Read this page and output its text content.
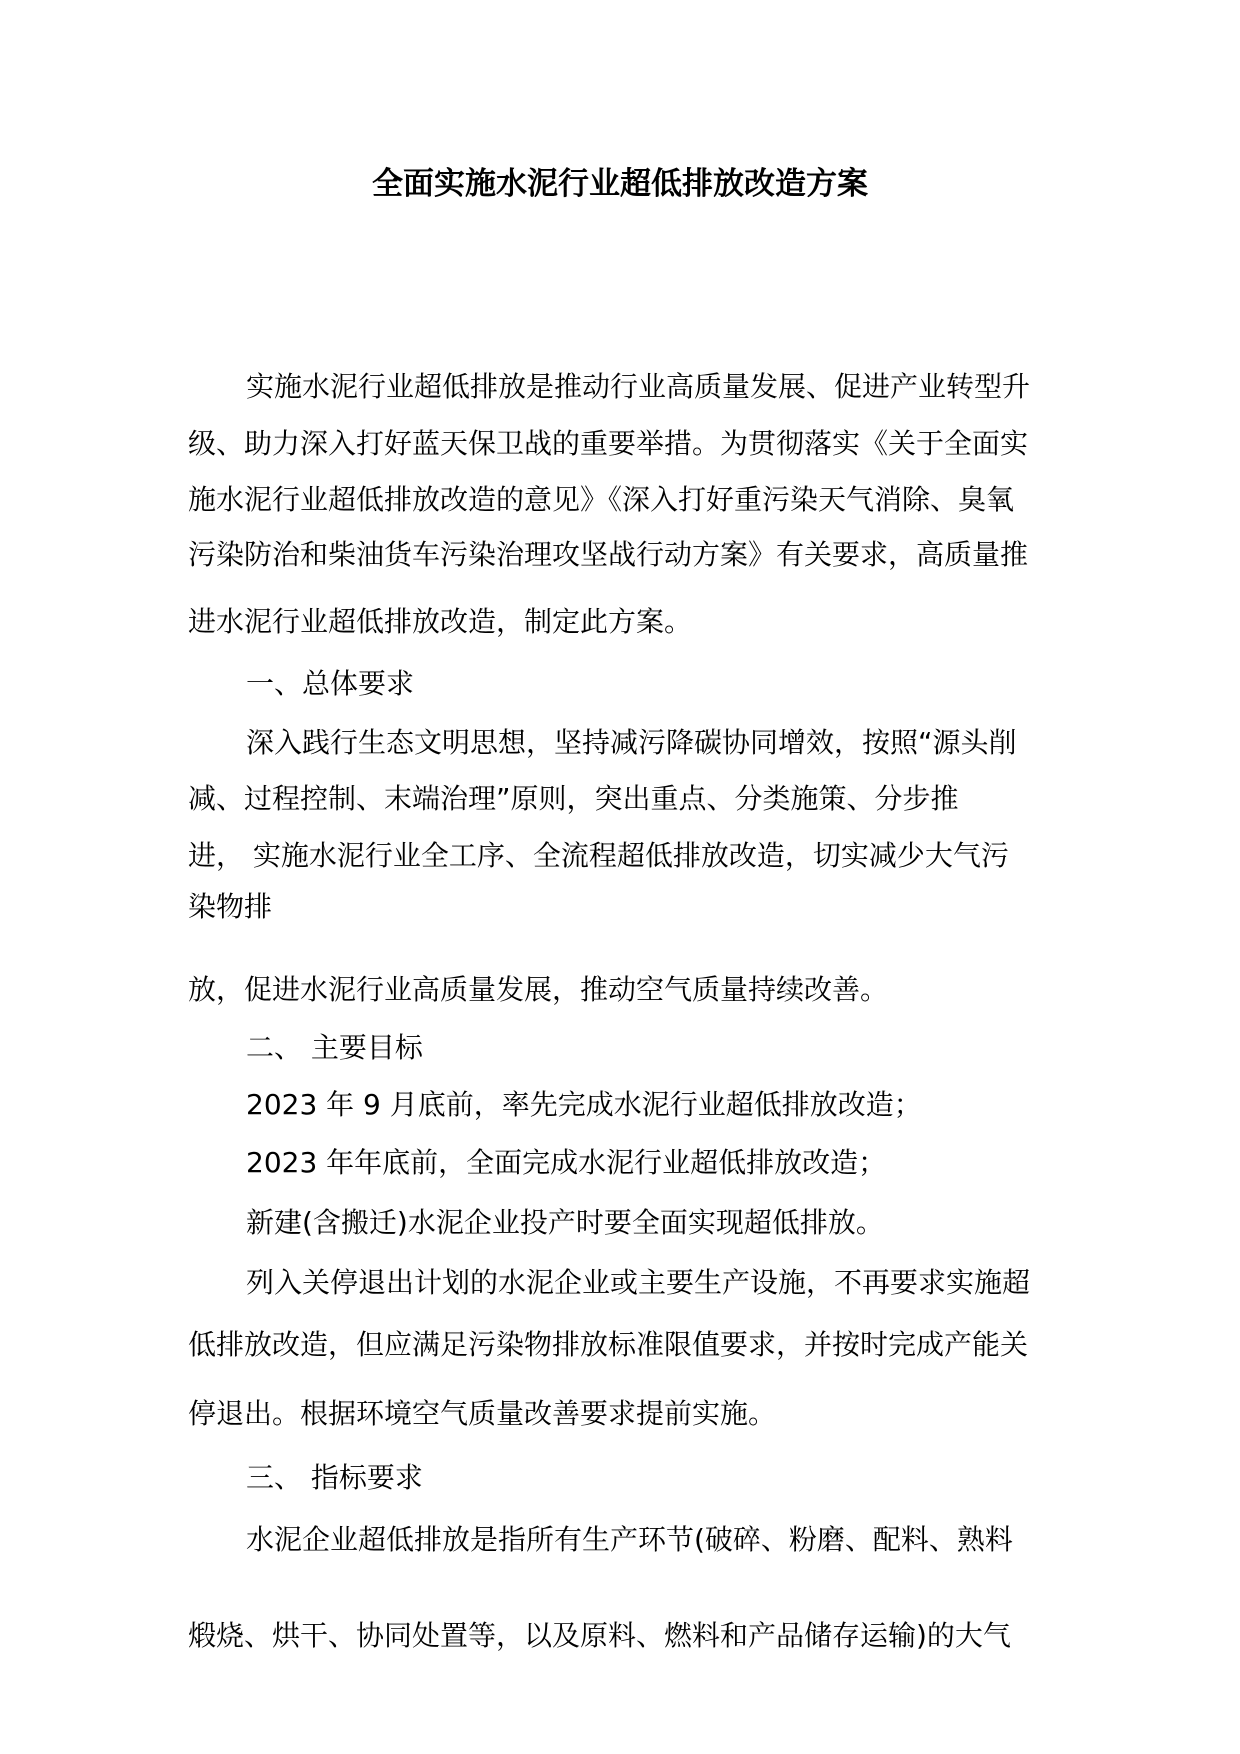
全面实施水泥行业超低排放改造方案
实施水泥行业超低排放是推动行业高质量发展、促进产业转型升
级、助力深入打好蓝天保卫战的重要举措。为贯彻落实《关于全面实
施水泥行业超低排放改造的意见》《深入打好重污染天气消除、臭氧
污染防治和柴油货车污染治理攻坚战行动方案》有关要求，高质量推
进水泥行业超低排放改造，制定此方案。
一、总体要求
深入践行生态文明思想，坚持减污降碳协同增效，按照“源头削
减、过程控制、末端治理”原则，突出重点、分类施策、分步推
进， 实施水泥行业全工序、全流程超低排放改造，切实减少大气污
染物排
放，促进水泥行业高质量发展，推动空气质量持续改善。
二、 主要目标
2023 年 9 月底前，率先完成水泥行业超低排放改造；
2023 年年底前，全面完成水泥行业超低排放改造；
新建(含搬迁)水泥企业投产时要全面实现超低排放。
列入关停退出计划的水泥企业或主要生产设施，不再要求实施超
低排放改造，但应满足污染物排放标准限值要求，并按时完成产能关
停退出。根据环境空气质量改善要求提前实施。
三、 指标要求
水泥企业超低排放是指所有生产环节(破碎、粉磨、配料、熟料
煅烧、烘干、协同处置等，以及原料、燃料和产品储存运输)的大气
